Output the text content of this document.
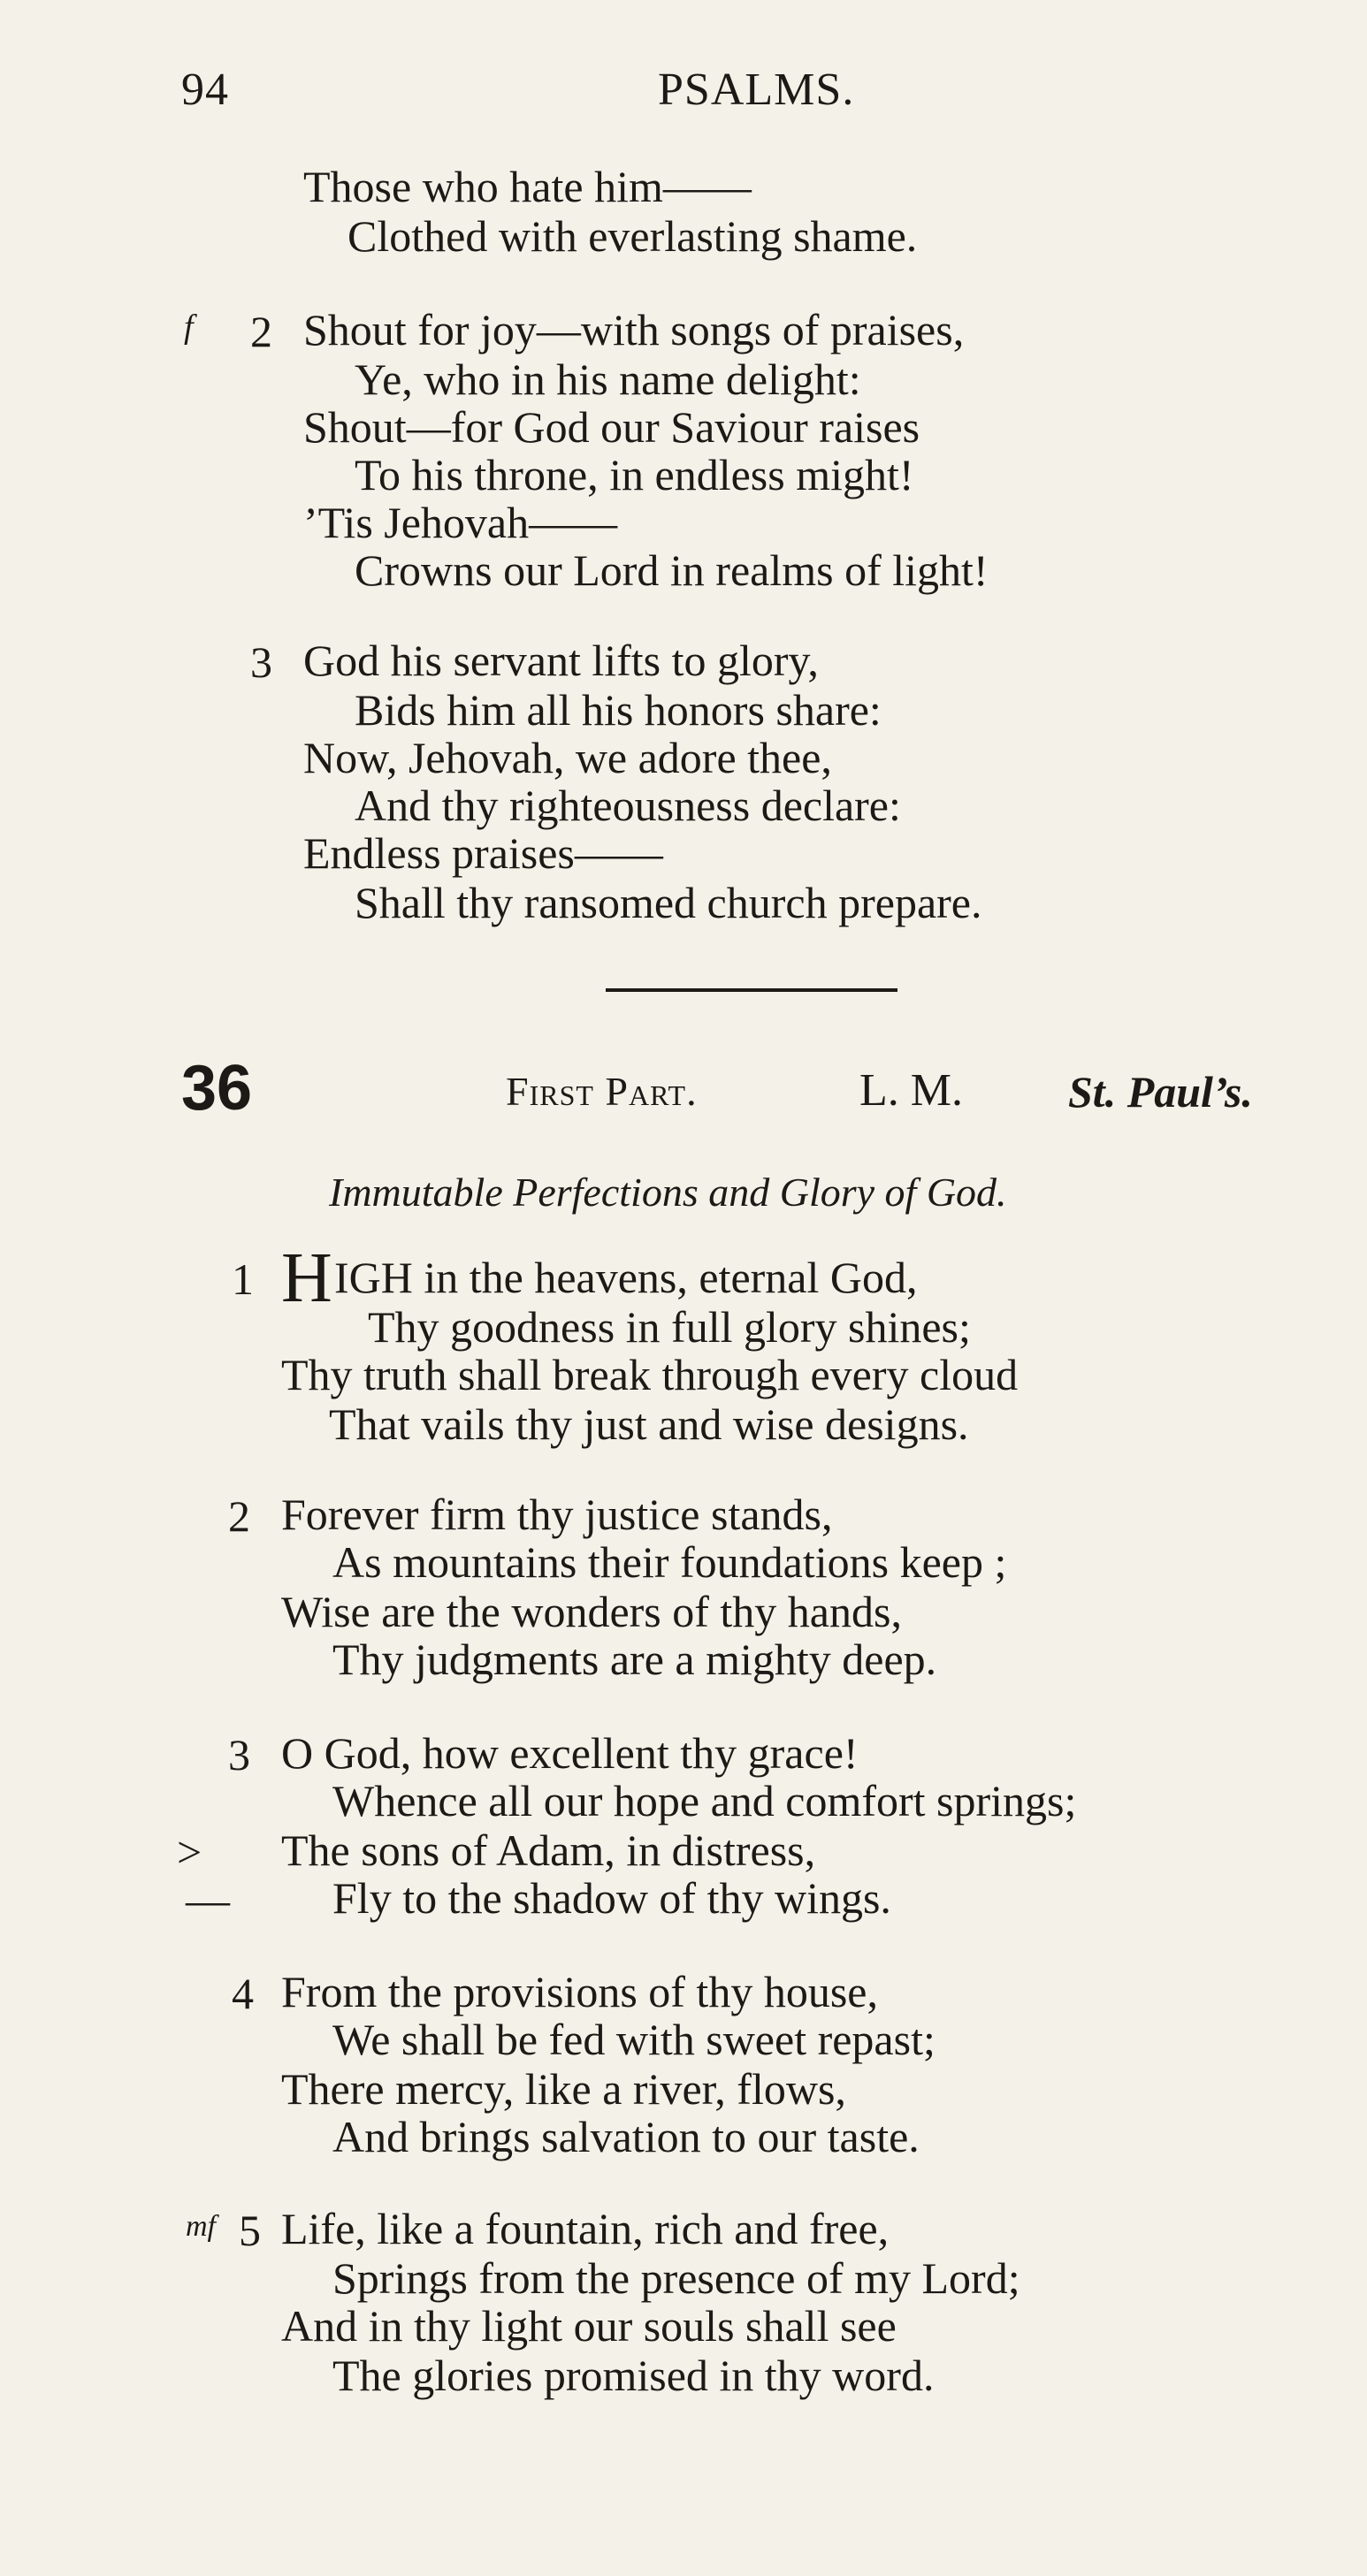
94	PSALMS.
Those who hate him——
Clothed with everlasting shame.
f 2 Shout for joy—with songs of praises,
Ye, who in his name delight:
Shout—for God our Saviour raises
To his throne, in endless might!
’Tis Jehovah——
Crowns our Lord in realms of light!
3 God his servant lifts to glory,
Bids him all his honors share:
Now, Jehovah, we adore thee,
And thy righteousness declare:
Endless praises——
Shall thy ransomed church prepare.
36	First Part.	L. M. St. Paul’s.
Immutable Perfections and Glory of God.
1 H IGH in the heavens, eternal God,
Thy goodness in full glory shines;
Thy truth shall break through every cloud
That vails thy just and wise designs.
2 Forever firm thy justice stands,
As mountains their foundations keep ;
Wise are the wonders of thy hands,
Thy judgments are a mighty deep.
3 O God, how excellent thy grace!
Whence all our hope and comfort springs;
> The sons of Adam, in distress,
— Fly to the shadow of thy wings.
4 From the provisions of thy house,
We shall be fed with sweet repast;
There mercy, like a river, flows,
And brings salvation to our taste.
mf 5 Life, like a fountain, rich and free,
Springs from the presence of my Lord;
And in thy light our souls shall see
The glories promised in thy word.
